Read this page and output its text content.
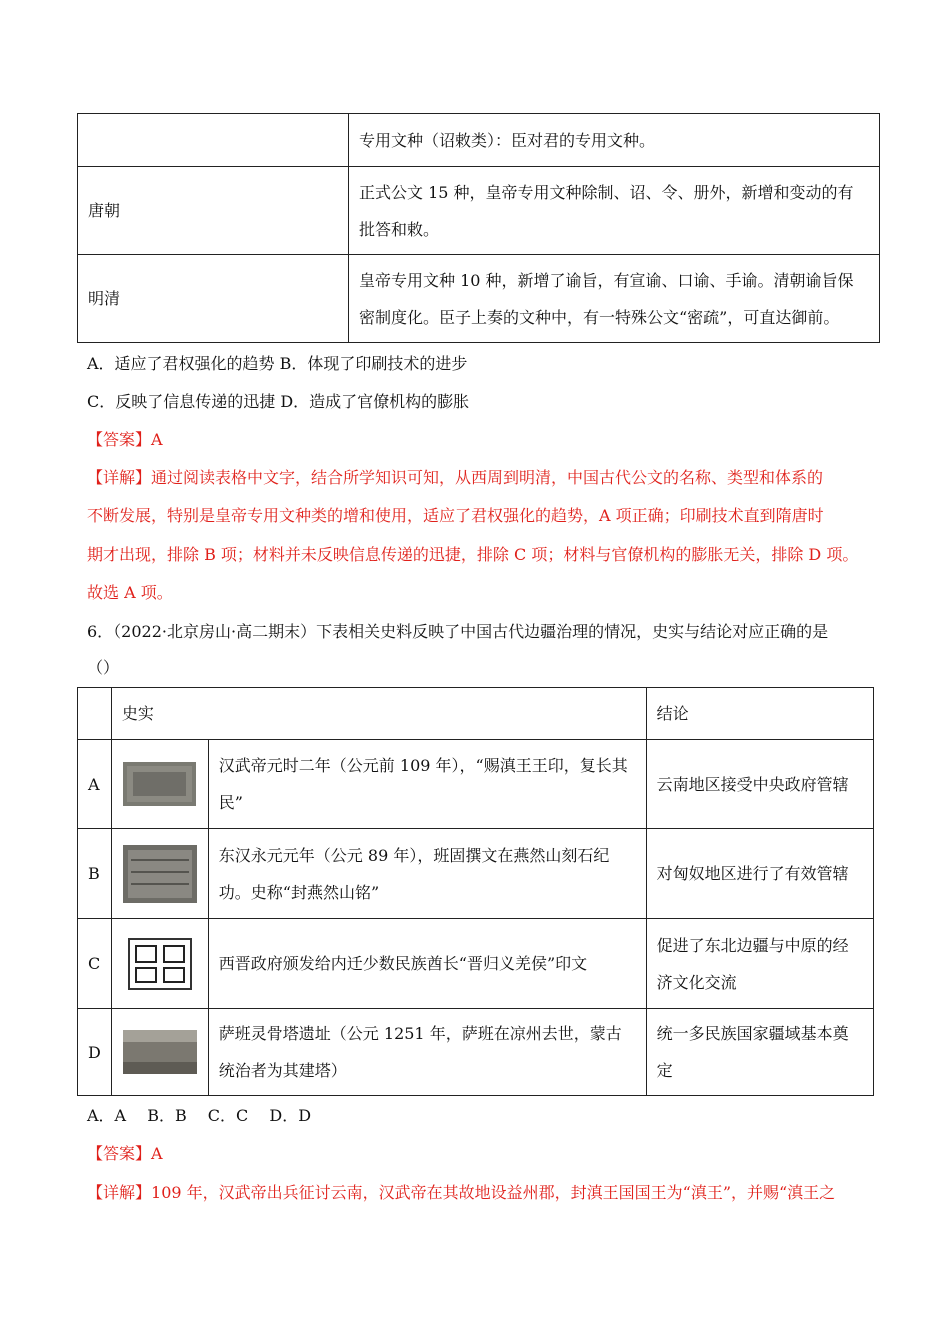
	专用文种（诏敕类）：臣对君的专用文种。
唐朝	正式公文 15 种，皇帝专用文种除制、诏、令、册外，新增和变动的有批答和敕。
明清	皇帝专用文种 10 种，新增了谕旨，有宣谕、口谕、手谕。清朝谕旨保密制度化。臣子上奏的文种中，有一特殊公文“密疏”，可直达御前。
A．适应了君权强化的趋势 B．体现了印刷技术的进步
C．反映了信息传递的迅捷 D．造成了官僚机构的膨胀
【答案】A
【详解】通过阅读表格中文字，结合所学知识可知，从西周到明清，中国古代公文的名称、类型和体系的
不断发展，特别是皇帝专用文种类的增和使用，适应了君权强化的趋势，A 项正确；印刷技术直到隋唐时
期才出现，排除 B 项；材料并未反映信息传递的迅捷，排除 C 项；材料与官僚机构的膨胀无关，排除 D 项。
故选 A 项。
6．（2022·北京房山·高二期末）下表相关史料反映了中国古代边疆治理的情况，史实与结论对应正确的是
（）
	史实		结论
A		汉武帝元时二年（公元前 109 年），“赐滇王王印，复长其民”	云南地区接受中央政府管辖
B		东汉永元元年（公元 89 年），班固撰文在燕然山刻石纪功。史称“封燕然山铭”	对匈奴地区进行了有效管辖
C		西晋政府颁发给内迁少数民族酋长“晋归义羌侯”印文	促进了东北边疆与中原的经济文化交流
D		萨班灵骨塔遗址（公元 1251 年，萨班在凉州去世，蒙古统治者为其建塔）	统一多民族国家疆域基本奠定
A．A　 B．B　 C．C　 D．D
【答案】A
【详解】109 年，汉武帝出兵征讨云南，汉武帝在其故地设益州郡，封滇王国国王为“滇王”，并赐“滇王之
